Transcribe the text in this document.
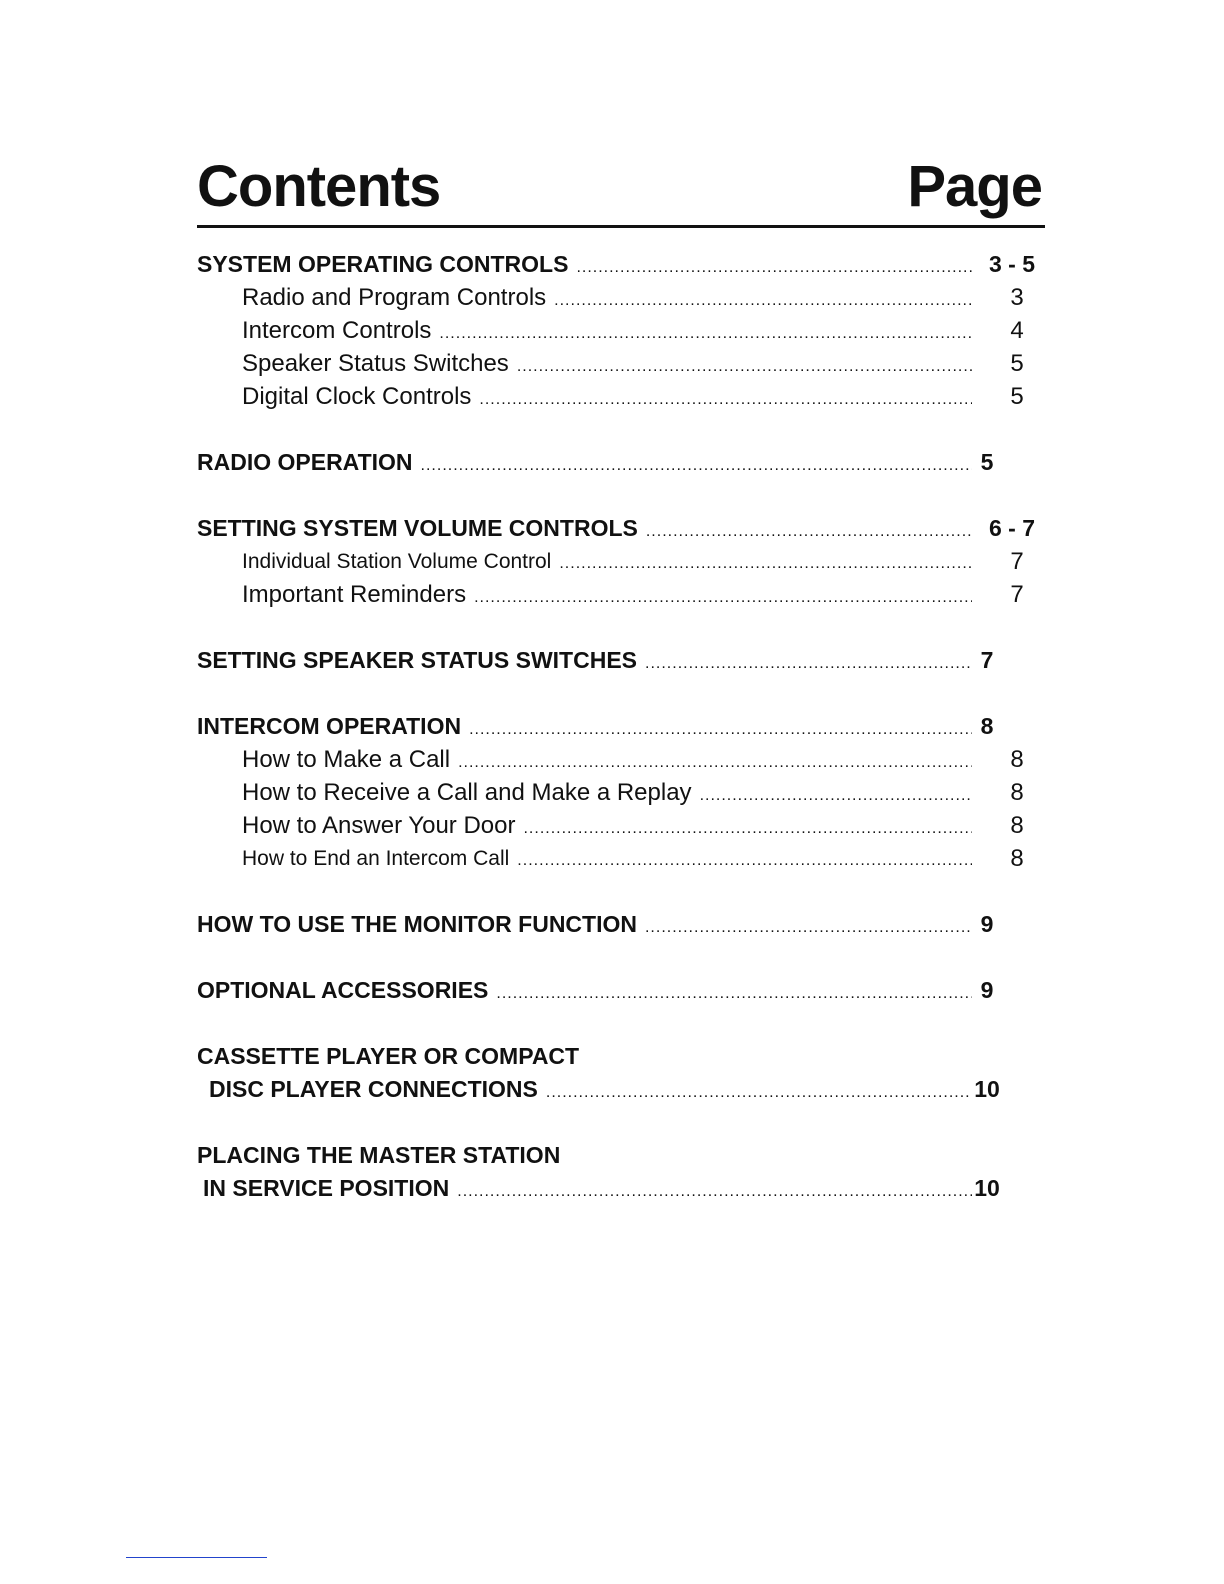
Contents	Page
SYSTEM OPERATING CONTROLS .....	3 - 5
Radio and Program Controls .....	3
Intercom Controls .....	4
Speaker Status Switches .....	5
Digital Clock Controls .....	5
RADIO OPERATION .....	5
SETTING SYSTEM VOLUME CONTROLS .....	6 - 7
Individual Station Volume Control .....	7
Important Reminders .....	7
SETTING SPEAKER STATUS SWITCHES .....	7
INTERCOM OPERATION .....	8
How to Make a Call .....	8
How to Receive a Call and Make a Replay .....	8
How to Answer Your Door .....	8
How to End an Intercom Call .....	8
HOW TO USE THE MONITOR FUNCTION .....	9
OPTIONAL ACCESSORIES .....	9
CASSETTE PLAYER OR COMPACT
DISC PLAYER CONNECTIONS .....	10
PLACING THE MASTER STATION
IN SERVICE POSITION .....	10
